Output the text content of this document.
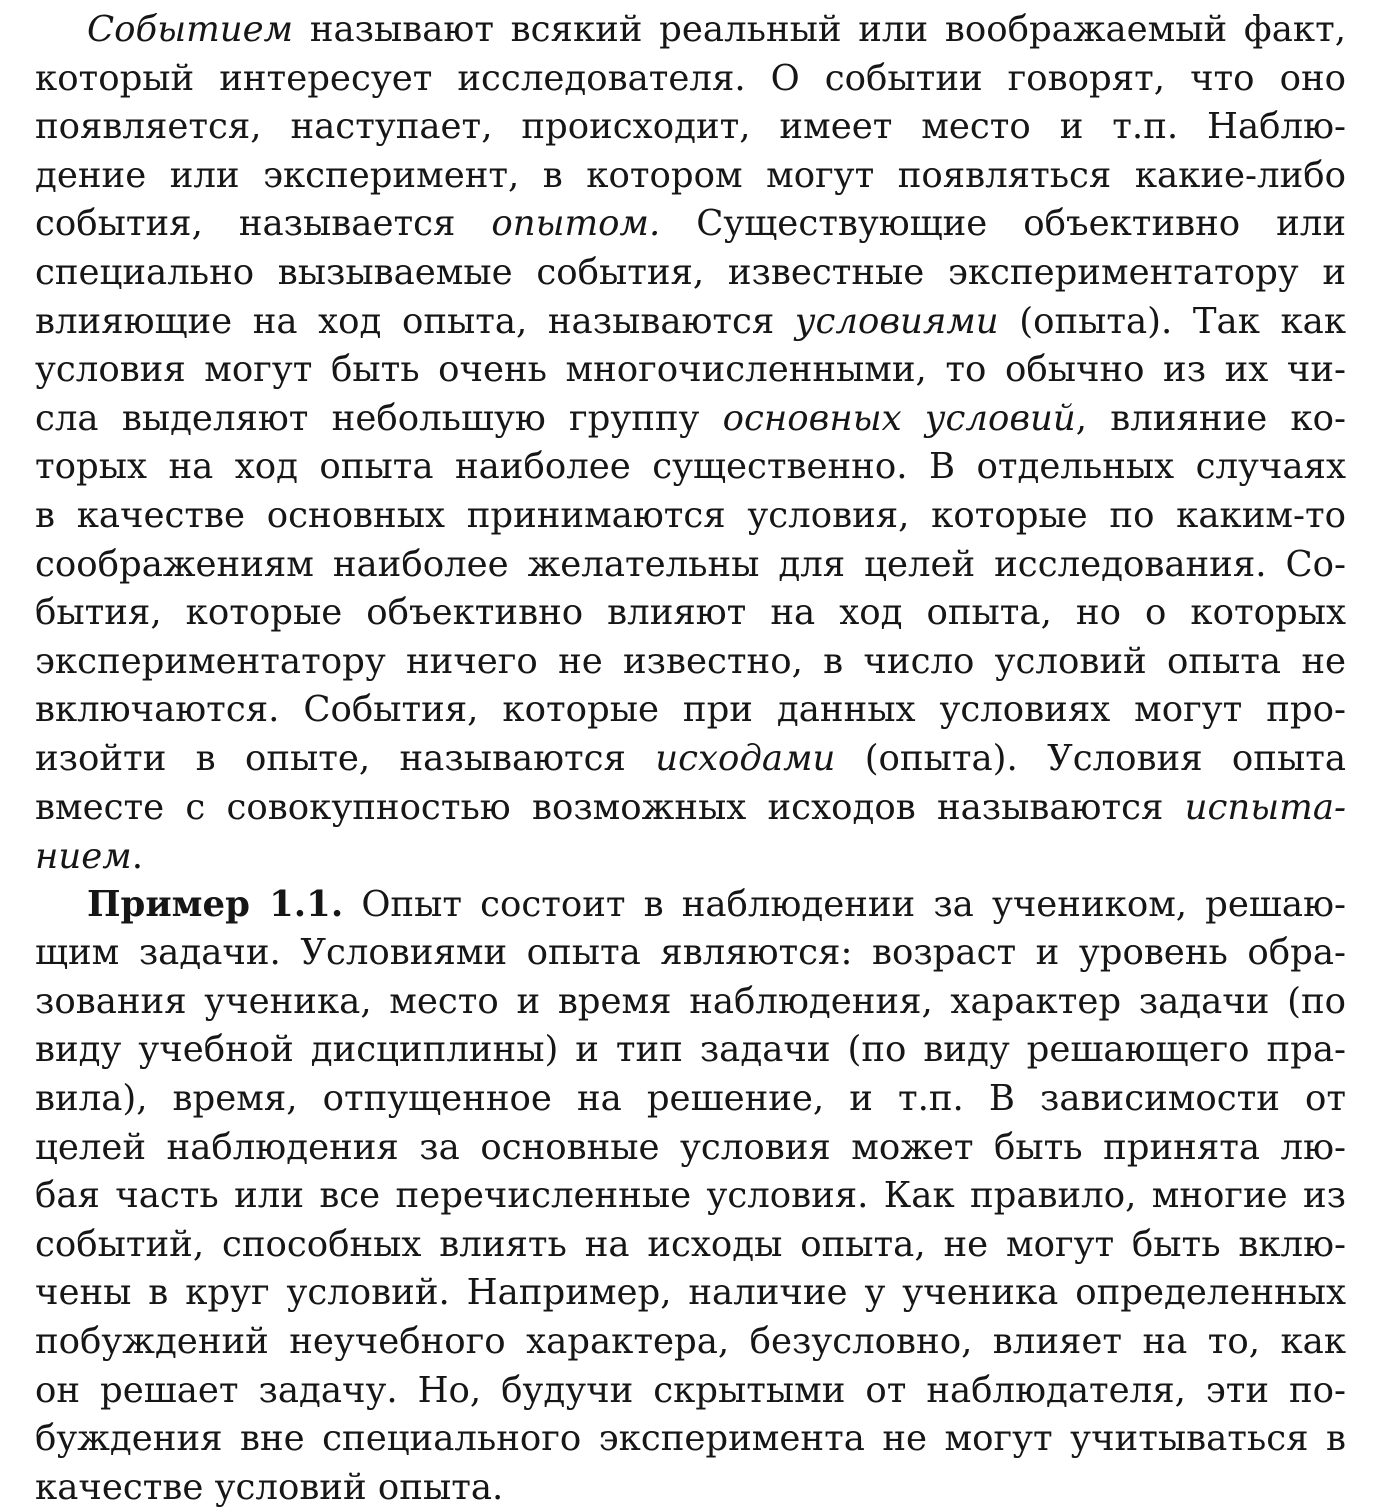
Событием называют всякий реальный или воображаемый факт,
который интересует исследователя. О событии говорят, что оно
появляется, наступает, происходит, имеет место и т.п. Наблю-
дение или эксперимент, в котором могут появляться какие-либо
события, называется опытом. Существующие объективно или
специально вызываемые события, известные экспериментатору и
влияющие на ход опыта, называются условиями (опыта). Так как
условия могут быть очень многочисленными, то обычно из их чи-
сла выделяют небольшую группу основных условий, влияние ко-
торых на ход опыта наиболее существенно. В отдельных случаях
в качестве основных принимаются условия, которые по каким-то
соображениям наиболее желательны для целей исследования. Со-
бытия, которые объективно влияют на ход опыта, но о которых
экспериментатору ничего не известно, в число условий опыта не
включаются. События, которые при данных условиях могут про-
изойти в опыте, называются исходами (опыта). Условия опыта
вместе с совокупностью возможных исходов называются испыта-
нием .
Пример 1.1. Опыт состоит в наблюдении за учеником, решаю-
щим задачи. Условиями опыта являются: возраст и уровень обра-
зования ученика, место и время наблюдения, характер задачи (по
виду учебной дисциплины) и тип задачи (по виду решающего пра-
вила), время, отпущенное на решение, и т.п. В зависимости от
целей наблюдения за основные условия может быть принята лю-
бая часть или все перечисленные условия. Как правило, многие из
событий, способных влиять на исходы опыта, не могут быть вклю-
чены в круг условий. Например, наличие у ученика определенных
побуждений неучебного характера, безусловно, влияет на то, как
он решает задачу. Но, будучи скрытыми от наблюдателя, эти по-
буждения вне специального эксперимента не могут учитываться в
качестве условий опыта.
